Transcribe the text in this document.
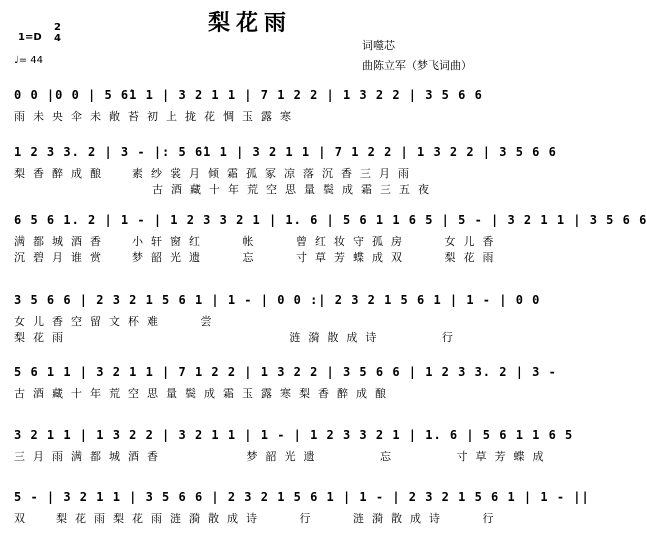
梨花雨
1=D
2
4
♩= 44
词噬芯
曲陈立军（梦飞词曲）
0 0 |0 0 | 5 6̇1 1 | 3 2 1 1 | 7 1 2 2 | 1 3 2 2 | 3 5 6 6
雨未央伞未敞苔初上拢花惆玉露寒
1 2 3 3. 2 | 3 - |: 5 6̇1 1 | 3 2 1 1 | 7 1 2 2 | 1 3 2 2 | 3 5 6 6
梨香醉成酿  素纱裳月倾霜孤冢凉落沉香三月雨
古酒藏十年荒空思量鬓成霜三五夜
6 5 6 1. 2 | 1 - | 1 2 3 3 2 1 | 1. 6 | 5 6 1 1 6 5 | 5 - | 3 2 1 1 | 3 5 6 6
满都城酒香  小轩窗红   帐   曾红妆守孤房   女儿香
沉碧月谁赏  梦韶光遗   忘   寸草芳蝶成双   梨花雨
3 5 6 6 | 2 3 2 1 5 6 1 | 1 - | 0 0 :| 2 3 2 1 5 6 1 | 1 - | 0 0
女儿香空留文杯难   尝
梨花雨                   涟漪散成诗     行
5 6 1 1 | 3 2 1 1 | 7 1 2 2 | 1 3 2 2 | 3 5 6 6 | 1 2 3 3. 2 | 3 -
古酒藏十年荒空思量鬓成霜玉露寒梨香醉成酿
3 2 1 1 | 1 3 2 2 | 3 2 1 1 | 1 - | 1 2 3 3 2 1 | 1. 6 | 5 6 1 1 6 5
三月雨满都城酒香       梦韶光遗     忘     寸草芳蝶成
5 - | 3 2 1 1 | 3 5 6 6 | 2 3 2 1 5 6 1 | 1 - | 2 3 2 1 5 6 1 | 1 - ||
双  梨花雨梨花雨涟漪散成诗   行   涟漪散成诗   行
